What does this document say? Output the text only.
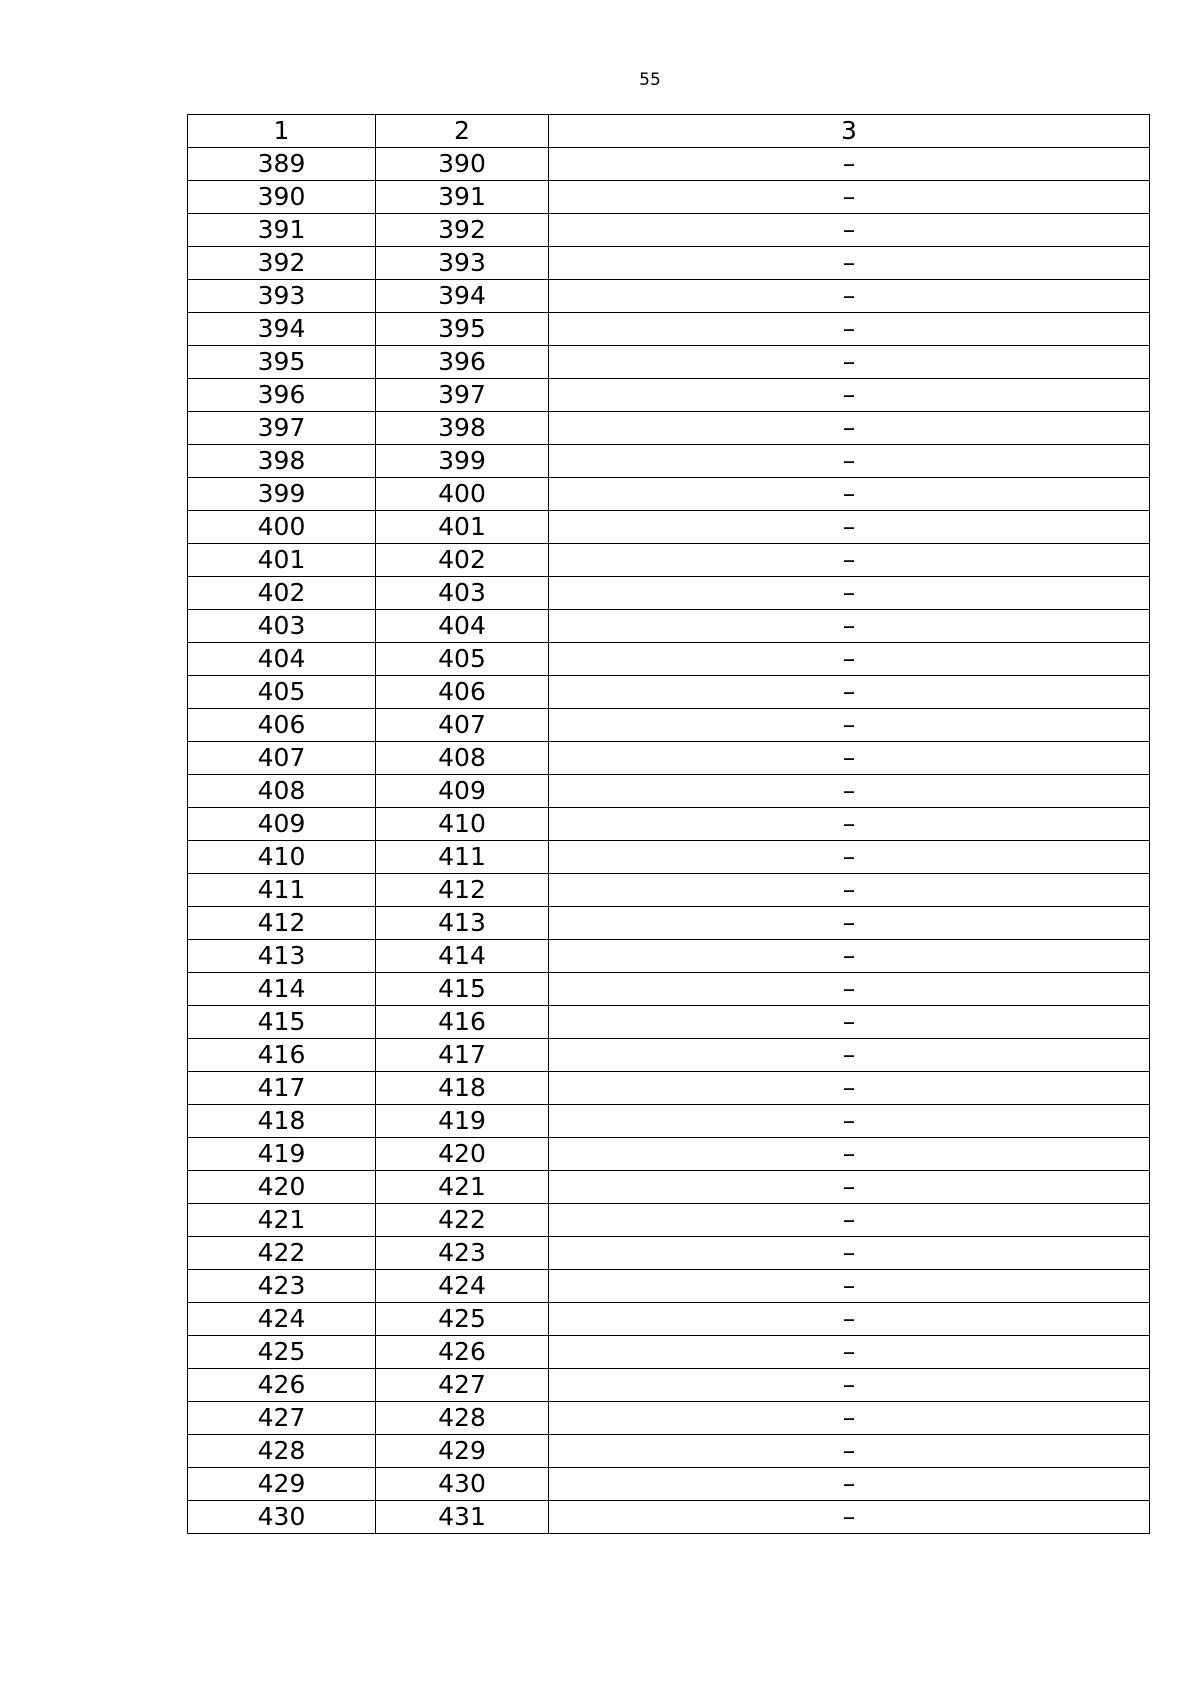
55
1	2	3
389	390	–
390	391	–
391	392	–
392	393	–
393	394	–
394	395	–
395	396	–
396	397	–
397	398	–
398	399	–
399	400	–
400	401	–
401	402	–
402	403	–
403	404	–
404	405	–
405	406	–
406	407	–
407	408	–
408	409	–
409	410	–
410	411	–
411	412	–
412	413	–
413	414	–
414	415	–
415	416	–
416	417	–
417	418	–
418	419	–
419	420	–
420	421	–
421	422	–
422	423	–
423	424	–
424	425	–
425	426	–
426	427	–
427	428	–
428	429	–
429	430	–
430	431	–
